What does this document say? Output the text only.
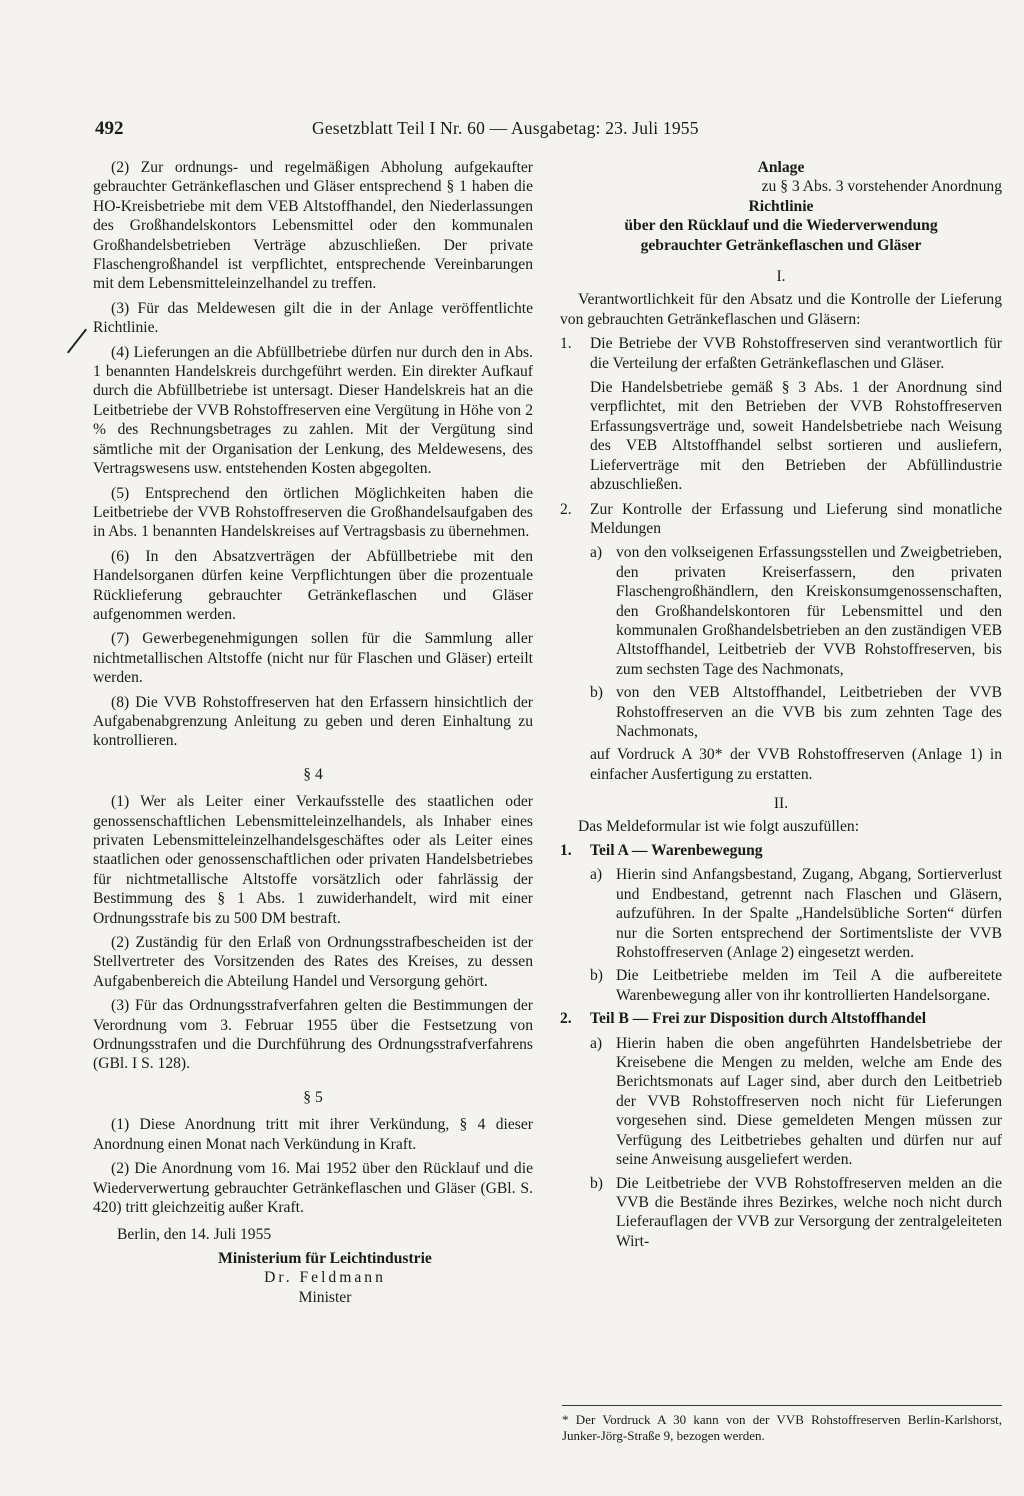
492	Gesetzblatt Teil I Nr. 60 — Ausgabetag: 23. Juli 1955

(2) Zur ordnungs- und regelmäßigen Abholung aufgekaufter gebrauchter Getränkeflaschen und Gläser entsprechend § 1 haben die HO-Kreisbetriebe mit dem VEB Altstoffhandel, den Niederlassungen des Großhandelskontors Lebensmittel oder den kommunalen Großhandelsbetrieben Verträge abzuschließen. Der private Flaschengroßhandel ist verpflichtet, entsprechende Vereinbarungen mit dem Lebensmitteleinzelhandel zu treffen.

(3) Für das Meldewesen gilt die in der Anlage veröffentlichte Richtlinie.

(4) Lieferungen an die Abfüllbetriebe dürfen nur durch den in Abs. 1 benannten Handelskreis durchgeführt werden. Ein direkter Aufkauf durch die Abfüllbetriebe ist untersagt. Dieser Handelskreis hat an die Leitbetriebe der VVB Rohstoffreserven eine Vergütung in Höhe von 2 % des Rechnungsbetrages zu zahlen. Mit der Vergütung sind sämtliche mit der Organisation der Lenkung, des Meldewesens, des Vertragswesens usw. entstehenden Kosten abgegolten.

(5) Entsprechend den örtlichen Möglichkeiten haben die Leitbetriebe der VVB Rohstoffreserven die Großhandelsaufgaben des in Abs. 1 benannten Handelskreises auf Vertragsbasis zu übernehmen.

(6) In den Absatzverträgen der Abfüllbetriebe mit den Handelsorganen dürfen keine Verpflichtungen über die prozentuale Rücklieferung gebrauchter Getränkeflaschen und Gläser aufgenommen werden.

(7) Gewerbegenehmigungen sollen für die Sammlung aller nichtmetallischen Altstoffe (nicht nur für Flaschen und Gläser) erteilt werden.

(8) Die VVB Rohstoffreserven hat den Erfassern hinsichtlich der Aufgabenabgrenzung Anleitung zu geben und deren Einhaltung zu kontrollieren.

§ 4

(1) Wer als Leiter einer Verkaufsstelle des staatlichen oder genossenschaftlichen Lebensmitteleinzelhandels, als Inhaber eines privaten Lebensmitteleinzelhandelsgeschäftes oder als Leiter eines staatlichen oder genossenschaftlichen oder privaten Handelsbetriebes für nichtmetallische Altstoffe vorsätzlich oder fahrlässig der Bestimmung des § 1 Abs. 1 zuwiderhandelt, wird mit einer Ordnungsstrafe bis zu 500 DM bestraft.

(2) Zuständig für den Erlaß von Ordnungsstrafbescheiden ist der Stellvertreter des Vorsitzenden des Rates des Kreises, zu dessen Aufgabenbereich die Abteilung Handel und Versorgung gehört.

(3) Für das Ordnungsstrafverfahren gelten die Bestimmungen der Verordnung vom 3. Februar 1955 über die Festsetzung von Ordnungsstrafen und die Durchführung des Ordnungsstrafverfahrens (GBl. I S. 128).

§ 5

(1) Diese Anordnung tritt mit ihrer Verkündung, § 4 dieser Anordnung einen Monat nach Verkündung in Kraft.

(2) Die Anordnung vom 16. Mai 1952 über den Rücklauf und die Wiederverwertung gebrauchter Getränkeflaschen und Gläser (GBl. S. 420) tritt gleichzeitig außer Kraft.

Berlin, den 14. Juli 1955
Ministerium für Leichtindustrie
Dr. Feldmann
Minister
Anlage
zu § 3 Abs. 3 vorstehender Anordnung
Richtlinie
über den Rücklauf und die Wiederverwendung gebrauchter Getränkeflaschen und Gläser
I.

Verantwortlichkeit für den Absatz und die Kontrolle der Lieferung von gebrauchten Getränkeflaschen und Gläsern:

1.	Die Betriebe der VVB Rohstoffreserven sind verantwortlich für die Verteilung der erfaßten Getränkeflaschen und Gläser.

Die Handelsbetriebe gemäß § 3 Abs. 1 der Anordnung sind verpflichtet, mit den Betrieben der VVB Rohstoffreserven Erfassungsverträge und, soweit Handelsbetriebe nach Weisung des VEB Altstoffhandel selbst sortieren und ausliefern, Lieferverträge mit den Betrieben der Abfüllindustrie abzuschließen.

2.	Zur Kontrolle der Erfassung und Lieferung sind monatliche Meldungen
a) von den volkseigenen Erfassungsstellen und Zweigbetrieben, den privaten Kreiserfassern, den privaten Flaschengroßhändlern, den Kreiskonsumgenossenschaften, den Großhandelskontoren für Lebensmittel und den kommunalen Großhandelsbetrieben an den zuständigen VEB Altstoffhandel, Leitbetrieb der VVB Rohstoffreserven, bis zum sechsten Tage des Nachmonats,
b) von den VEB Altstoffhandel, Leitbetrieben der VVB Rohstoffreserven an die VVB bis zum zehnten Tage des Nachmonats,

auf Vordruck A 30* der VVB Rohstoffreserven (Anlage 1) in einfacher Ausfertigung zu erstatten.

II.

Das Meldeformular ist wie folgt auszufüllen:

1.	Teil A — Warenbewegung
a) Hierin sind Anfangsbestand, Zugang, Abgang, Sortierverlust und Endbestand, getrennt nach Flaschen und Gläsern, aufzuführen. In der Spalte „Handelsübliche Sorten“ dürfen nur die Sorten entsprechend der Sortimentsliste der VVB Rohstoffreserven (Anlage 2) eingesetzt werden.
b) Die Leitbetriebe melden im Teil A die aufbereitete Warenbewegung aller von ihr kontrollierten Handelsorgane.
2.	Teil B — Frei zur Disposition durch Altstoffhandel
a) Hierin haben die oben angeführten Handelsbetriebe der Kreisebene die Mengen zu melden, welche am Ende des Berichtsmonats auf Lager sind, aber durch den Leitbetrieb der VVB Rohstoffreserven noch nicht für Lieferungen vorgesehen sind. Diese gemeldeten Mengen müssen zur Verfügung des Leitbetriebes gehalten und dürfen nur auf seine Anweisung ausgeliefert werden.
b) Die Leitbetriebe der VVB Rohstoffreserven melden an die VVB die Bestände ihres Bezirkes, welche noch nicht durch Lieferauflagen der VVB zur Versorgung der zentralgeleiteten Wirt-
* Der Vordruck A 30 kann von der VVB Rohstoffreserven Berlin-Karlshorst, Junker-Jörg-Straße 9, bezogen werden.
